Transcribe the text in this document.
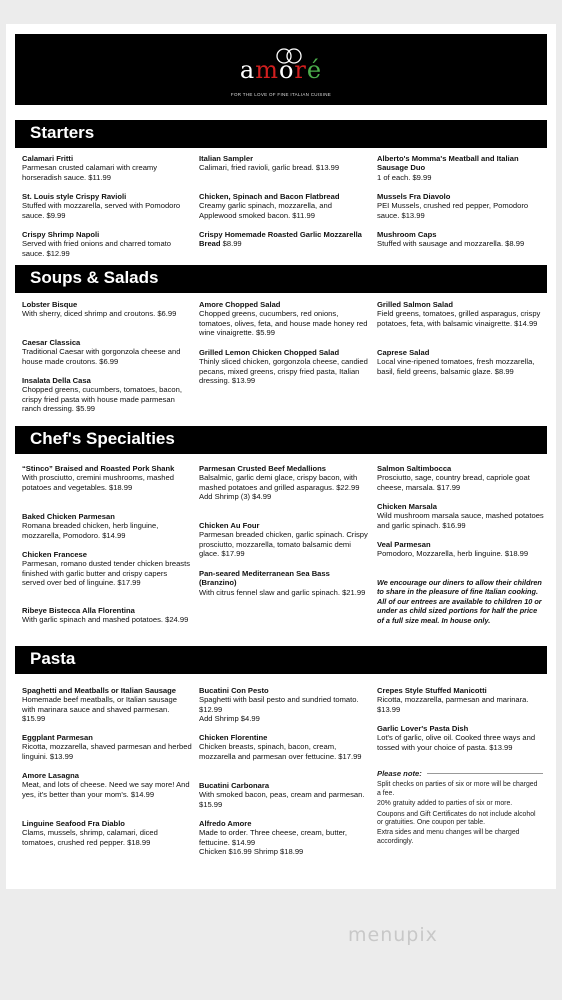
amoré
FOR THE LOVE OF FINE ITALIAN CUISINE
Starters
Soups & Salads
Chef's Specialties
Pasta
Calamari Fritti
Parmesan crusted calamari with creamy horseradish sauce. $11.99
St. Louis style Crispy Ravioli
Stuffed with mozzarella, served with Pomodoro sauce. $9.99
Crispy Shrimp Napoli
Served with fried onions and charred tomato sauce. $12.99
Italian Sampler
Calimari, fried ravioli, garlic bread. $13.99
Chicken, Spinach and Bacon Flatbread
Creamy garlic spinach, mozzarella, and Applewood smoked bacon. $11.99
Crispy Homemade Roasted Garlic Mozzarella Bread $8.99
Alberto's Momma's Meatball and Italian Sausage Duo
1 of each. $9.99
Mussels Fra Diavolo
PEI Mussels, crushed red pepper, Pomodoro sauce. $13.99
Mushroom Caps
Stuffed with sausage and mozzarella. $8.99
Lobster Bisque
With sherry, diced shrimp and croutons. $6.99
Caesar Classica
Traditional Caesar with gorgonzola cheese and house made croutons. $6.99
Insalata Della Casa
Chopped greens, cucumbers, tomatoes, bacon, crispy fried pasta with house made parmesan ranch dressing. $5.99
Amore Chopped Salad
Chopped greens, cucumbers, red onions, tomatoes, olives, feta, and house made honey red wine vinaigrette. $5.99
Grilled Lemon Chicken Chopped Salad
Thinly sliced chicken, gorgonzola cheese, candied pecans, mixed greens, crispy fried pasta, Italian dressing. $13.99
Grilled Salmon Salad
Field greens, tomatoes, grilled asparagus, crispy potatoes, feta, with balsamic vinaigrette. $14.99
Caprese Salad
Local vine-ripened tomatoes, fresh mozzarella, basil, field greens, balsamic glaze. $8.99
“Stinco” Braised and Roasted Pork Shank
With prosciutto, cremini mushrooms, mashed potatoes and vegetables. $18.99
Baked Chicken Parmesan
Romana breaded chicken, herb linguine, mozzarella, Pomodoro. $14.99
Chicken Francese
Parmesan, romano dusted tender chicken breasts finished with garlic butter and crispy capers served over bed of linguine. $17.99
Ribeye Bistecca Alla Florentina
With garlic spinach and mashed potatoes. $24.99
Parmesan Crusted Beef Medallions
Balsalmic, garlic demi glace, crispy bacon, with mashed potatoes and grilled asparagus. $22.99
Add Shrimp (3) $4.99
Chicken Au Four
Parmesan breaded chicken, garlic spinach. Crispy prosciutto, mozzarella, tomato balsamic demi glace. $17.99
Pan-seared Mediterranean Sea Bass (Branzino)
With citrus fennel slaw and garlic spinach. $21.99
Salmon Saltimbocca
Prosciutto, sage, country bread, capriole goat cheese, marsala. $17.99
Chicken Marsala
Wild mushroom marsala sauce, mashed potatoes and garlic spinach. $16.99
Veal Parmesan
Pomodoro, Mozzarella, herb linguine. $18.99
Spaghetti and Meatballs or Italian Sausage
Homemade beef meatballs, or Italian sausage with marinara sauce and shaved parmesan. $15.99
Eggplant Parmesan
Ricotta, mozzarella, shaved parmesan and herbed linguini. $13.99
Amore Lasagna
Meat, and lots of cheese. Need we say more! And yes, it's better than your mom's. $14.99
Linguine Seafood Fra Diablo
Clams, mussels, shrimp, calamari, diced tomatoes, crushed red pepper. $18.99
Bucatini Con Pesto
Spaghetti with basil pesto and sundried tomato. $12.99
Add Shrimp $4.99
Chicken Florentine
Chicken breasts, spinach, bacon, cream, mozzarella and parmesan over fettucine. $17.99
Bucatini Carbonara
With smoked bacon, peas, cream and parmesan. $15.99
Alfredo Amore
Made to order. Three cheese, cream, butter, fettucine. $14.99
Chicken $16.99 Shrimp $18.99
Crepes Style Stuffed Manicotti
Ricotta, mozzarella, parmesan and marinara. $13.99
Garlic Lover's Pasta Dish
Lot's of garlic, olive oil. Cooked three ways and tossed with your choice of pasta. $13.99
We encourage our diners to allow their children to share in the pleasure of fine Italian cooking. All of our entrees are available to children 10 or under as child sized portions for half the price of a full size meal. In house only.
Please note:

Split checks on parties of six or more will be charged a fee.

20% gratuity added to parties of six or more.

Coupons and Gift Certificates do not include alcohol or gratuities. One coupon per table.

Extra sides and menu changes will be charged accordingly.

menupix
